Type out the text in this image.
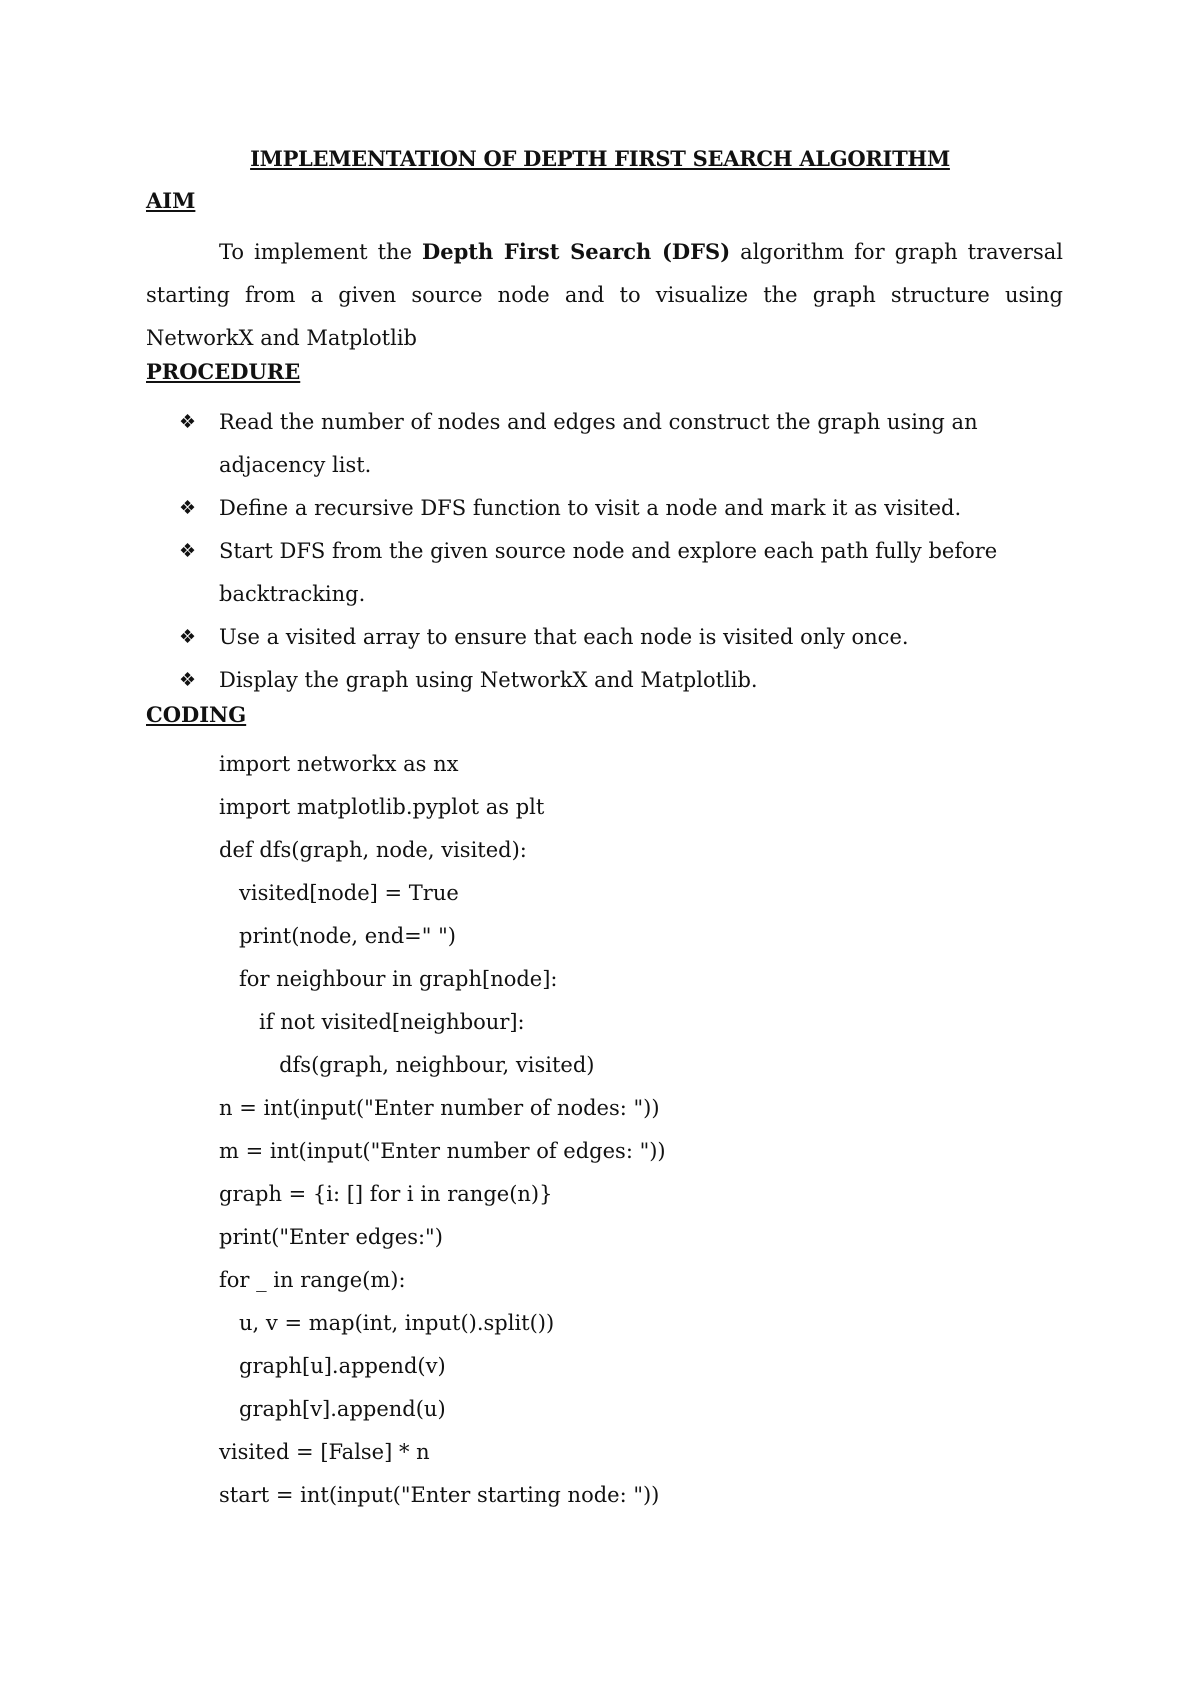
IMPLEMENTATION OF DEPTH FIRST SEARCH ALGORITHM
AIM
To implement the Depth First Search (DFS) algorithm for graph traversal starting from a given source node and to visualize the graph structure using NetworkX and Matplotlib
PROCEDURE
❖ Read the number of nodes and edges and construct the graph using an adjacency list.
❖ Define a recursive DFS function to visit a node and mark it as visited.
❖ Start DFS from the given source node and explore each path fully before backtracking.
❖ Use a visited array to ensure that each node is visited only once.
❖ Display the graph using NetworkX and Matplotlib.
CODING
import networkx as nx
import matplotlib.pyplot as plt
def dfs(graph, node, visited):
visited[node] = True
print(node, end=" ")
for neighbour in graph[node]:
if not visited[neighbour]:
dfs(graph, neighbour, visited)
n = int(input("Enter number of nodes: "))
m = int(input("Enter number of edges: "))
graph = {i: [] for i in range(n)}
print("Enter edges:")
for _ in range(m):
u, v = map(int, input().split())
graph[u].append(v)
graph[v].append(u)
visited = [False] * n
start = int(input("Enter starting node: "))
